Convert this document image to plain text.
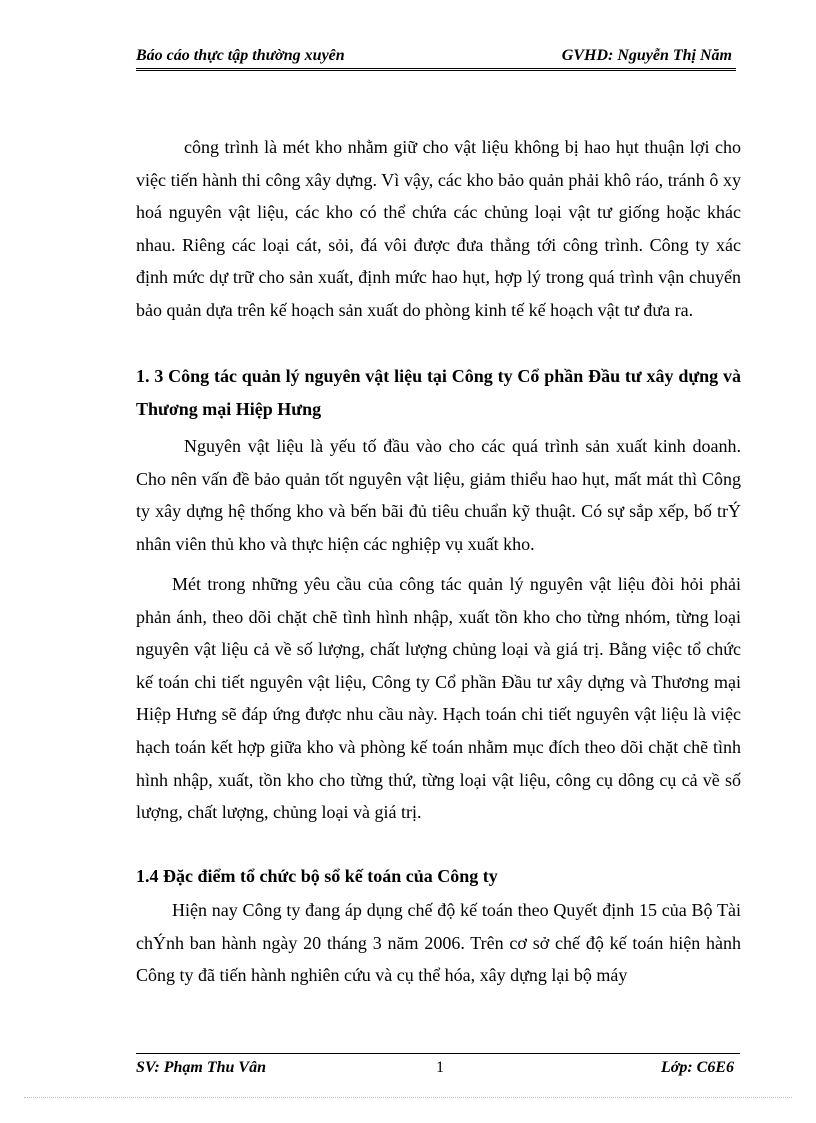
Báo cáo thực tập thường xuyên	GVHD: Nguyễn Thị Năm

công trình là mét kho nhằm giữ cho vật liệu không bị hao hụt thuận lợi cho việc tiến hành thi công xây dựng. Vì vậy, các kho bảo quản phải khô ráo, tránh ô xy hoá nguyên vật liệu, các kho có thể chứa các chủng loại vật tư giống hoặc khác nhau. Riêng các loại cát, sỏi, đá vôi được đưa thẳng tới công trình. Công ty xác định mức dự trữ cho sản xuất, định mức hao hụt, hợp lý trong quá trình vận chuyển bảo quản dựa trên kế hoạch sản xuất do phòng kinh tế kế hoạch vật tư đưa ra.

1. 3 Công tác quản lý nguyên vật liệu tại Công ty Cổ phần Đầu tư xây dựng và Thương mại Hiệp Hưng

Nguyên vật liệu là yếu tố đầu vào cho các quá trình sản xuất kinh doanh. Cho nên vấn đề bảo quản tốt nguyên vật liệu, giảm thiểu hao hụt, mất mát thì Công ty xây dựng hệ thống kho và bến bãi đủ tiêu chuẩn kỹ thuật. Có sự sắp xếp, bố trÝ nhân viên thủ kho và thực hiện các nghiệp vụ xuất kho.

Mét trong những yêu cầu của công tác quản lý nguyên vật liệu đòi hỏi phải phản ánh, theo dõi chặt chẽ tình hình nhập, xuất tồn kho cho từng nhóm, từng loại nguyên vật liệu cả về số lượng, chất lượng chủng loại và giá trị. Bằng việc tổ chức kế toán chi tiết nguyên vật liệu, Công ty Cổ phần Đầu tư xây dựng và Thương mại Hiệp Hưng sẽ đáp ứng được nhu cầu này. Hạch toán chi tiết nguyên vật liệu là việc hạch toán kết hợp giữa kho và phòng kế toán nhằm mục đích theo dõi chặt chẽ tình hình nhập, xuất, tồn kho cho từng thứ, từng loại vật liệu, công cụ dông cụ cả về số lượng, chất lượng, chủng loại và giá trị.

1.4 Đặc điểm tổ chức bộ sổ kế toán của Công ty

Hiện nay Công ty đang áp dụng chế độ kế toán theo Quyết định 15 của Bộ Tài chÝnh ban hành ngày 20 tháng 3 năm 2006. Trên cơ sở chế độ kế toán hiện hành Công ty đã tiến hành nghiên cứu và cụ thể hóa, xây dựng lại bộ máy

SV: Phạm Thu Vân	1	Lớp: C6E6
